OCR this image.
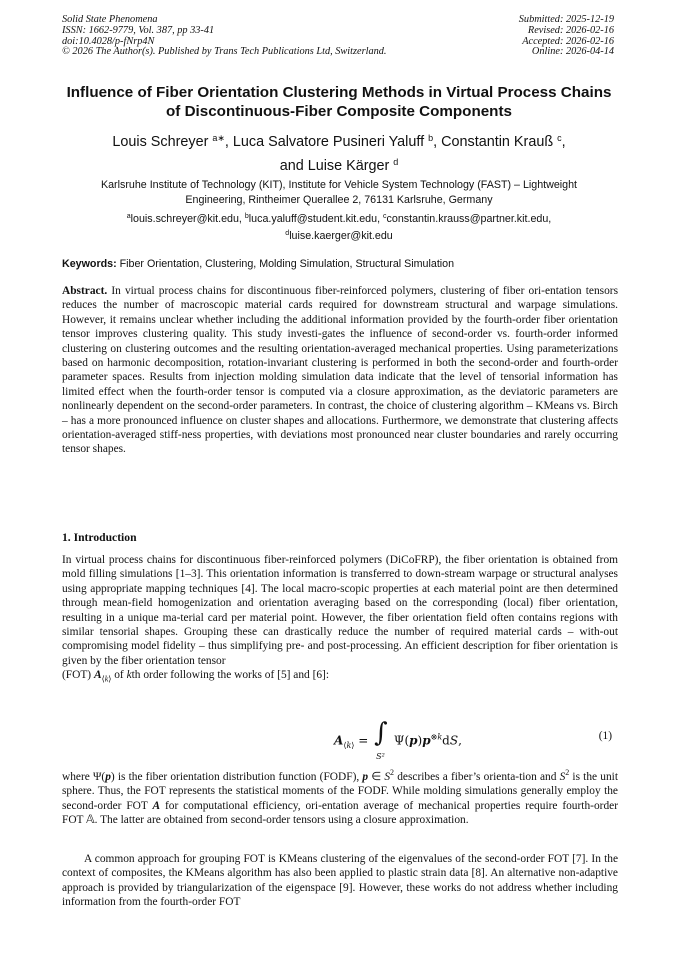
Solid State Phenomena
ISSN: 1662-9779, Vol. 387, pp 33-41
doi:10.4028/p-fNrp4N
© 2026 The Author(s). Published by Trans Tech Publications Ltd, Switzerland.
Submitted: 2025-12-19
Revised: 2026-02-16
Accepted: 2026-02-16
Online: 2026-04-14
Influence of Fiber Orientation Clustering Methods in Virtual Process Chains of Discontinuous-Fiber Composite Components
Louis Schreyer $^{a∗}$, Luca Salvatore Pusineri Yaluff $^b$, Constantin Krauß $^c$,
and Luise Kärger $^d$
Karlsruhe Institute of Technology (KIT), Institute for Vehicle System Technology (FAST) – Lightweight Engineering, Rintheimer Querallee 2, 76131 Karlsruhe, Germany
$^a$louis.schreyer@kit.edu, $^b$luca.yaluff@student.kit.edu, $^c$constantin.krauss@partner.kit.edu,
$^d$luise.kaerger@kit.edu
Keywords: Fiber Orientation, Clustering, Molding Simulation, Structural Simulation
Abstract. In virtual process chains for discontinuous fiber-reinforced polymers, clustering of fiber ori-entation tensors reduces the number of macroscopic material cards required for downstream structural and warpage simulations. However, it remains unclear whether including the additional information provided by the fourth-order fiber orientation tensor improves clustering quality. This study investi-gates the influence of second-order vs. fourth-order informed clustering on clustering outcomes and the resulting orientation-averaged mechanical properties. Using parameterizations based on harmonic decomposition, rotation-invariant clustering is performed in both the second-order and fourth-order parameter spaces. Results from injection molding simulation data indicate that the level of tensorial information has limited effect when the fourth-order tensor is computed via a closure approximation, as the deviatoric parameters are nonlinearly dependent on the second-order parameters. In contrast, the choice of clustering algorithm – KMeans vs. Birch – has a more pronounced influence on cluster shapes and allocations. Furthermore, we demonstrate that clustering affects orientation-averaged stiff-ness properties, with deviations most pronounced near cluster boundaries and rarely occurring tensor shapes.
1. Introduction
In virtual process chains for discontinuous fiber-reinforced polymers (DiCoFRP), the fiber orientation is obtained from mold filling simulations [1–3]. This orientation information is transferred to down-stream warpage or structural analyses using appropriate mapping techniques [4]. The local macro-scopic properties at each material point are then determined through mean-field homogenization and orientation averaging based on the corresponding (local) fiber orientation, resulting in a unique ma-terial card per material point. However, the fiber orientation field often contains regions with similar tensorial shapes. Grouping these can drastically reduce the number of required material cards – with-out compromising model fidelity – thus simplifying pre- and post-processing. An efficient description for fiber orientation is given by the fiber orientation tensor
(FOT) $A_{⟨k⟩}$ of kth order following the works of [5] and [6]:
$A_{⟨k⟩}$ = ∫
S²
$\Psi(p)p^{\otimes k}dS$,	(1)
where Ψ(p) is the fiber orientation distribution function (FODF), p ∈ $S^2$ describes a fiber’s orienta-tion and $S^2$ is the unit sphere. Thus, the FOT represents the statistical moments of the FODF. While molding simulations generally employ the second-order FOT A for computational efficiency, ori-entation average of mechanical properties require fourth-order FOT 𝔸. The latter are obtained from second-order tensors using a closure approximation.
A common approach for grouping FOT is KMeans clustering of the eigenvalues of the second-order FOT [7]. In the context of composites, the KMeans algorithm has also been applied to plastic strain data [8]. An alternative non-adaptive approach is provided by triangularization of the eigenspace [9]. However, these works do not address whether including information from the fourth-order FOT
